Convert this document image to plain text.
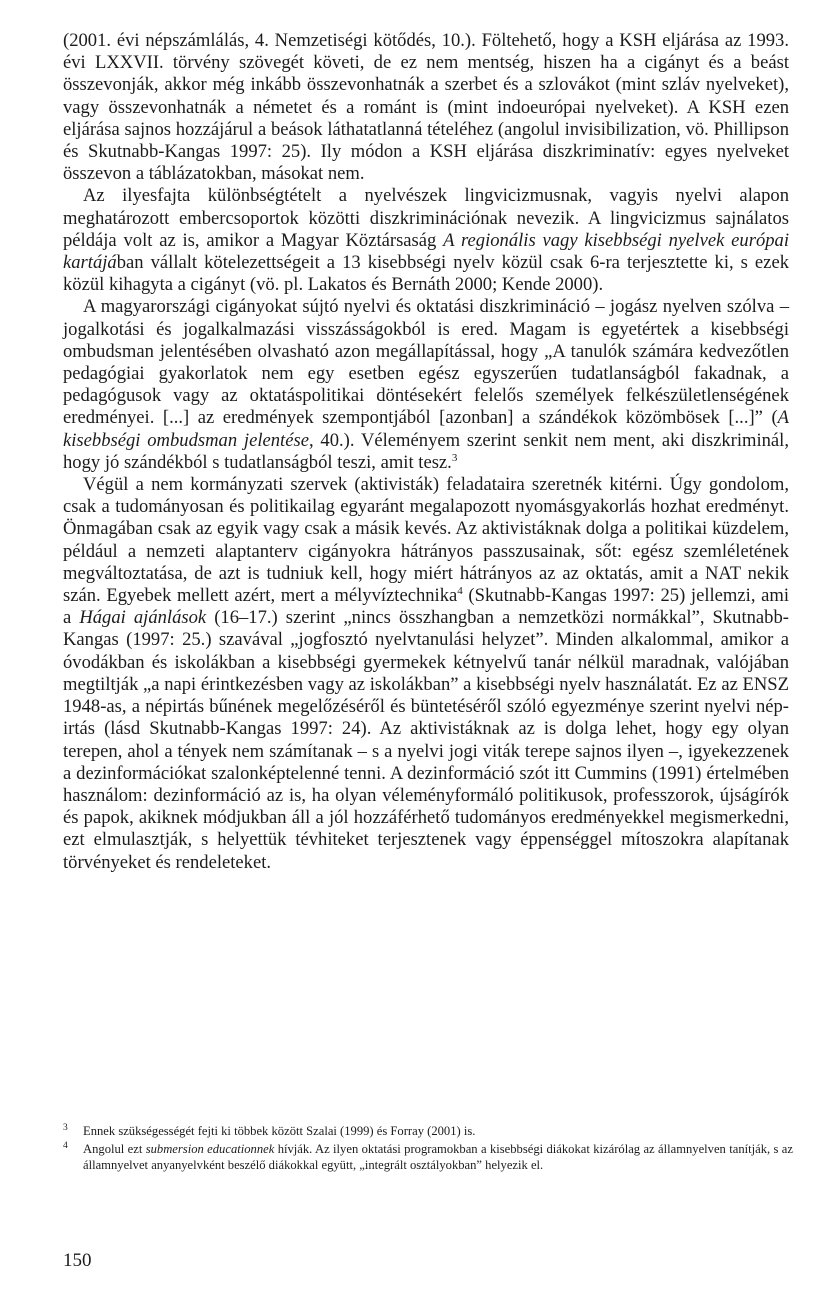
(2001. évi népszámlálás, 4. Nemzetiségi kötődés, 10.). Föltehető, hogy a KSH eljárása az 1993. évi LXXVII. törvény szövegét követi, de ez nem mentség, hiszen ha a cigányt és a beást összevonják, akkor még inkább összevonhatnák a szerbet és a szlovákot (mint szláv nyelveket), vagy összevonhatnák a németet és a románt is (mint indoeurópai nyelveket). A KSH ezen eljárása sajnos hozzájárul a beások láthatatlanná tételéhez (angolul invisibilization, vö. Phillipson és Skutnabb-Kangas 1997: 25). Ily módon a KSH eljárása diszkriminatív: egyes nyelveket összevon a táblázatokban, másokat nem.

Az ilyesfajta különbségtételt a nyelvészek lingvicizmusnak, vagyis nyelvi alapon meghatározott embercsoportok közötti diszkriminációnak nevezik. A lingvicizmus sajnálatos példája volt az is, amikor a Magyar Köztársaság A regionális vagy kisebbségi nyelvek európai kartájában vállalt kötelezettségeit a 13 kisebbségi nyelv közül csak 6-ra terjesztette ki, s ezek közül kihagyta a cigányt (vö. pl. Lakatos és Bernáth 2000; Kende 2000).

A magyarországi cigányokat sújtó nyelvi és oktatási diszkrimináció – jogász nyelven szólva – jogalkotási és jogalkalmazási visszásságokból is ered. Magam is egyetértek a kisebbségi ombudsman jelentésében olvasható azon megállapítással, hogy „A tanulók számára kedvezőtlen pedagógiai gyakorlatok nem egy esetben egész egyszerűen tudatlanságból fakadnak, a pedagógusok vagy az oktatáspolitikai döntésekért felelős személyek felkészületlenségének eredményei. [...] az eredmények szempontjából [azonban] a szándékok közömbösek [...]” (A kisebbségi ombudsman jelentése, 40.). Véleményem szerint senkit nem ment, aki diszkriminál, hogy jó szándékból s tudatlanságból teszi, amit tesz.$^3$

Végül a nem kormányzati szervek (aktivisták) feladataira szeretnék kitérni. Úgy gondolom, csak a tudományosan és politikailag egyaránt megalapozott nyomásgyakorlás hozhat eredményt. Önmagában csak az egyik vagy csak a másik kevés. Az aktivistáknak dolga a politikai küzdelem, például a nemzeti alaptanterv cigányokra hátrányos passzusainak, sőt: egész szemléletének megváltoztatása, de azt is tudniuk kell, hogy miért hátrányos az az oktatás, amit a NAT nekik szán. Egyebek mellett azért, mert a mélyvíztechnika$^4$ (Skutnabb-Kangas 1997: 25) jellemzi, ami a Hágai ajánlások (16–17.) szerint „nincs összhangban a nemzetközi normákkal”, Skutnabb-Kangas (1997: 25.) szavával „jogfosztó nyelvtanulási helyzet”. Minden alkalommal, amikor a óvodákban és iskolákban a kisebbségi gyermekek kétnyelvű tanár nélkül maradnak, valójában megtiltják „a napi érintkezésben vagy az iskolákban” a kisebbségi nyelv használatát. Ez az ENSZ 1948-as, a népirtás bűnének megelőzéséről és büntetéséről szóló egyezménye szerint nyelvi népirtás (lásd Skutnabb-Kangas 1997: 24). Az aktivistáknak az is dolga lehet, hogy egy olyan terepen, ahol a tények nem számítanak – s a nyelvi jogi viták terepe sajnos ilyen –, igyekezzenek a dezinformációkat szalonképtelenné tenni. A dezinformáció szót itt Cummins (1991) értelmében használom: dezinformáció az is, ha olyan véleményformáló politikusok, professzorok, újságírók és papok, akiknek módjukban áll a jól hozzáférhető tudományos eredményekkel megismerkedni, ezt elmulasztják, s helyettük tévhiteket terjesztenek vagy éppenséggel mítoszokra alapítanak törvényeket és rendeleteket.

3 Ennek szükségességét fejti ki többek között Szalai (1999) és Forray (2001) is.
4 Angolul ezt submersion educationnek hívják. Az ilyen oktatási programokban a kisebbségi diákokat kizárólag az államnyelven tanítják, s az államnyelvet anyanyelvként beszélő diákokkal együtt, „integrált osztályokban” helyezik el.
150
